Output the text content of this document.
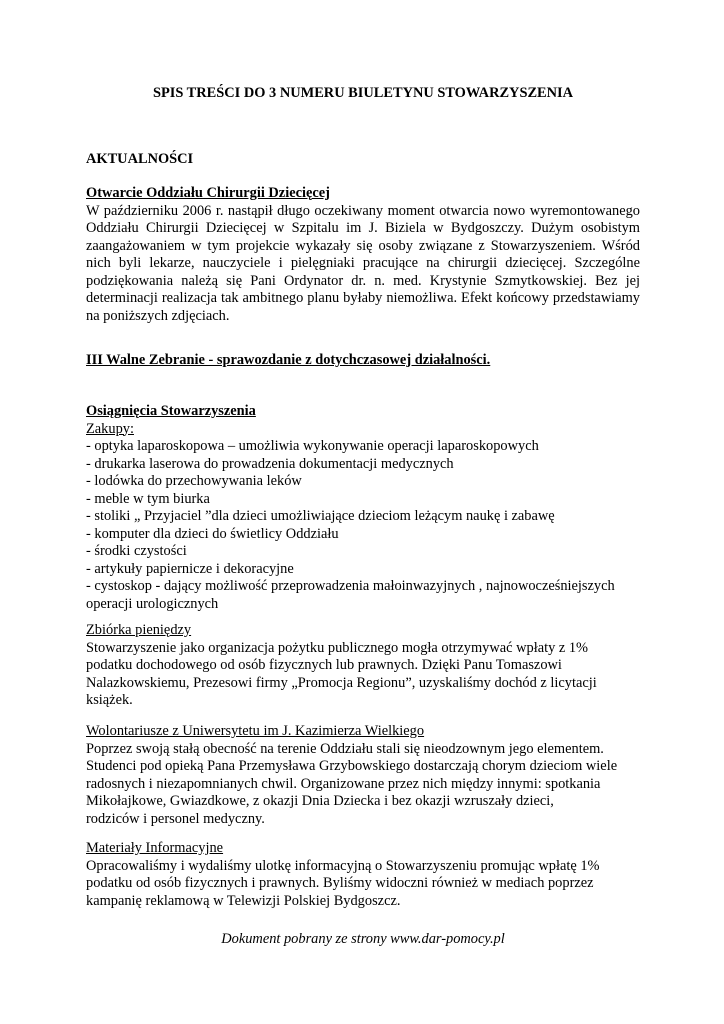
SPIS TREŚCI DO 3 NUMERU BIULETYNU STOWARZYSZENIA
AKTUALNOŚCI
Otwarcie Oddziału Chirurgii Dziecięcej

W październiku 2006 r. nastąpił długo oczekiwany moment otwarcia nowo wyremontowanego Oddziału Chirurgii Dziecięcej w Szpitalu im J. Biziela w Bydgoszczy. Dużym osobistym zaangażowaniem w tym projekcie wykazały się osoby związane z Stowarzyszeniem. Wśród nich byli lekarze, nauczyciele i pielęgniaki pracujące na chirurgii dziecięcej. Szczególne podziękowania należą się Pani Ordynator dr. n. med. Krystynie Szmytkowskiej. Bez jej determinacji realizacja tak ambitnego planu byłaby niemożliwa. Efekt końcowy przedstawiamy na poniższych zdjęciach.

III Walne Zebranie - sprawozdanie z dotychczasowej działalności.
Osiągnięcia Stowarzyszenia
Zakupy:
- optyka laparoskopowa – umożliwia wykonywanie operacji laparoskopowych
- drukarka laserowa do prowadzenia dokumentacji medycznych
- lodówka do przechowywania leków
- meble w tym biurka
- stoliki „ Przyjaciel ”dla dzieci umożliwiające dzieciom leżącym naukę i zabawę
- komputer dla dzieci do świetlicy Oddziału
- środki czystości
- artykuły papiernicze i dekoracyjne
- cystoskop - dający możliwość przeprowadzenia małoinwazyjnych , najnowocześniejszych
operacji urologicznych
Zbiórka pieniędzy
Stowarzyszenie jako organizacja pożytku publicznego mogła otrzymywać wpłaty z 1%
podatku dochodowego od osób fizycznych lub prawnych. Dzięki Panu Tomaszowi
Nalazkowskiemu, Prezesowi firmy „Promocja Regionu”, uzyskaliśmy dochód z licytacji
książek.
Wolontariusze z Uniwersytetu im J. Kazimierza Wielkiego
Poprzez swoją stałą obecność na terenie Oddziału stali się nieodzownym jego elementem.
Studenci pod opieką Pana Przemysława Grzybowskiego dostarczają chorym dzieciom wiele
radosnych i niezapomnianych chwil. Organizowane przez nich między innymi: spotkania
Mikołajkowe, Gwiazdkowe, z okazji Dnia Dziecka i bez okazji wzruszały dzieci,
rodziców i personel medyczny.
Materiały Informacyjne
Opracowaliśmy i wydaliśmy ulotkę informacyjną o Stowarzyszeniu promując wpłatę 1%
podatku od osób fizycznych i prawnych. Byliśmy widoczni również w mediach poprzez
kampanię reklamową w Telewizji Polskiej Bydgoszcz.
Dokument pobrany ze strony www.dar-pomocy.pl
